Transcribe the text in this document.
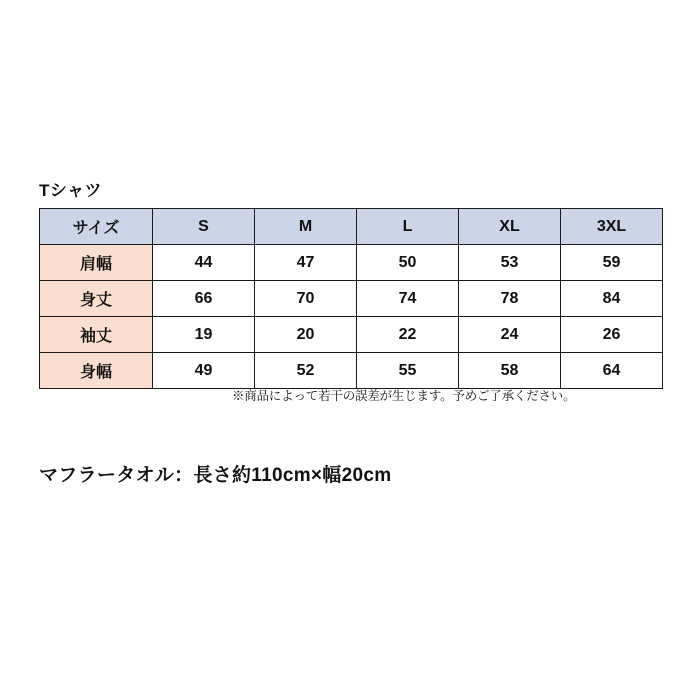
Tシャツ
サイズ	S	M	L	XL	3XL
肩幅	44	47	50	53	59
身丈	66	70	74	78	84
袖丈	19	20	22	24	26
身幅	49	52	55	58	64
※商品によって若干の誤差が生じます。予めご了承ください。
マフラータオル：長さ約110cm×幅20cm
